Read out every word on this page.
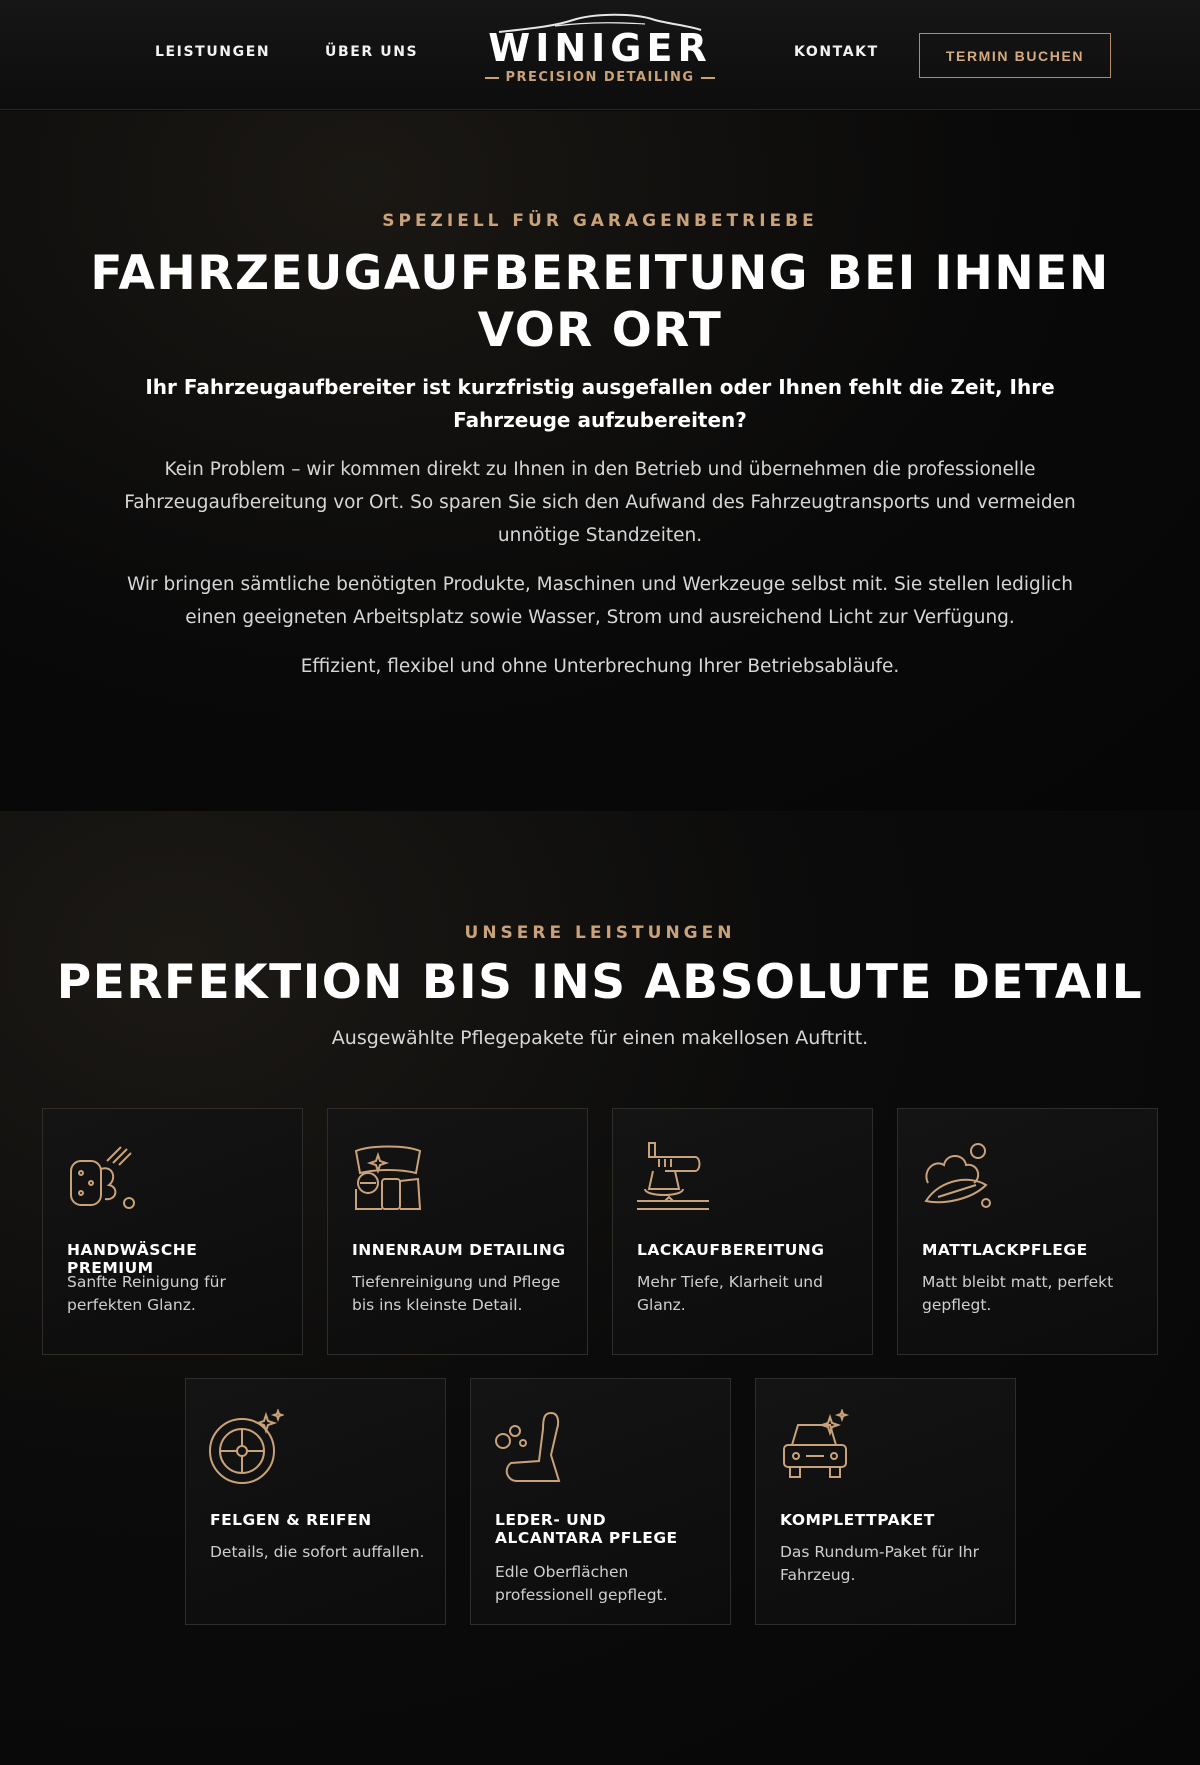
LEISTUNGEN	ÜBER UNS	WINIGER
PRECISION DETAILING
KONTAKT	TERMIN BUCHEN
SPEZIELL FÜR GARAGENBETRIEBE
FAHRZEUGAUFBEREITUNG BEI IHNEN
VOR ORT

Ihr Fahrzeugaufbereiter ist kurzfristig ausgefallen oder Ihnen fehlt die Zeit, Ihre Fahrzeuge aufzubereiten?

Kein Problem – wir kommen direkt zu Ihnen in den Betrieb und übernehmen die professionelle Fahrzeugaufbereitung vor Ort. So sparen Sie sich den Aufwand des Fahrzeugtransports und vermeiden unnötige Standzeiten.

Wir bringen sämtliche benötigten Produkte, Maschinen und Werkzeuge selbst mit. Sie stellen lediglich einen geeigneten Arbeitsplatz sowie Wasser, Strom und ausreichend Licht zur Verfügung.

Effizient, flexibel und ohne Unterbrechung Ihrer Betriebsabläufe.

UNSERE LEISTUNGEN
PERFEKTION BIS INS ABSOLUTE DETAIL

Ausgewählte Pflegepakete für einen makellosen Auftritt.

HANDWÄSCHE PREMIUM
Sanfte Reinigung für perfekten Glanz.
INNENRAUM DETAILING
Tiefenreinigung und Pflege bis ins kleinste Detail.
LACKAUFBEREITUNG
Mehr Tiefe, Klarheit und Glanz.
MATTLACKPFLEGE
Matt bleibt matt, perfekt gepflegt.
FELGEN & REIFEN
Details, die sofort auffallen.
LEDER- UND ALCANTARA PFLEGE
Edle Oberflächen professionell gepflegt.
KOMPLETTPAKET
Das Rundum-Paket für Ihr Fahrzeug.
